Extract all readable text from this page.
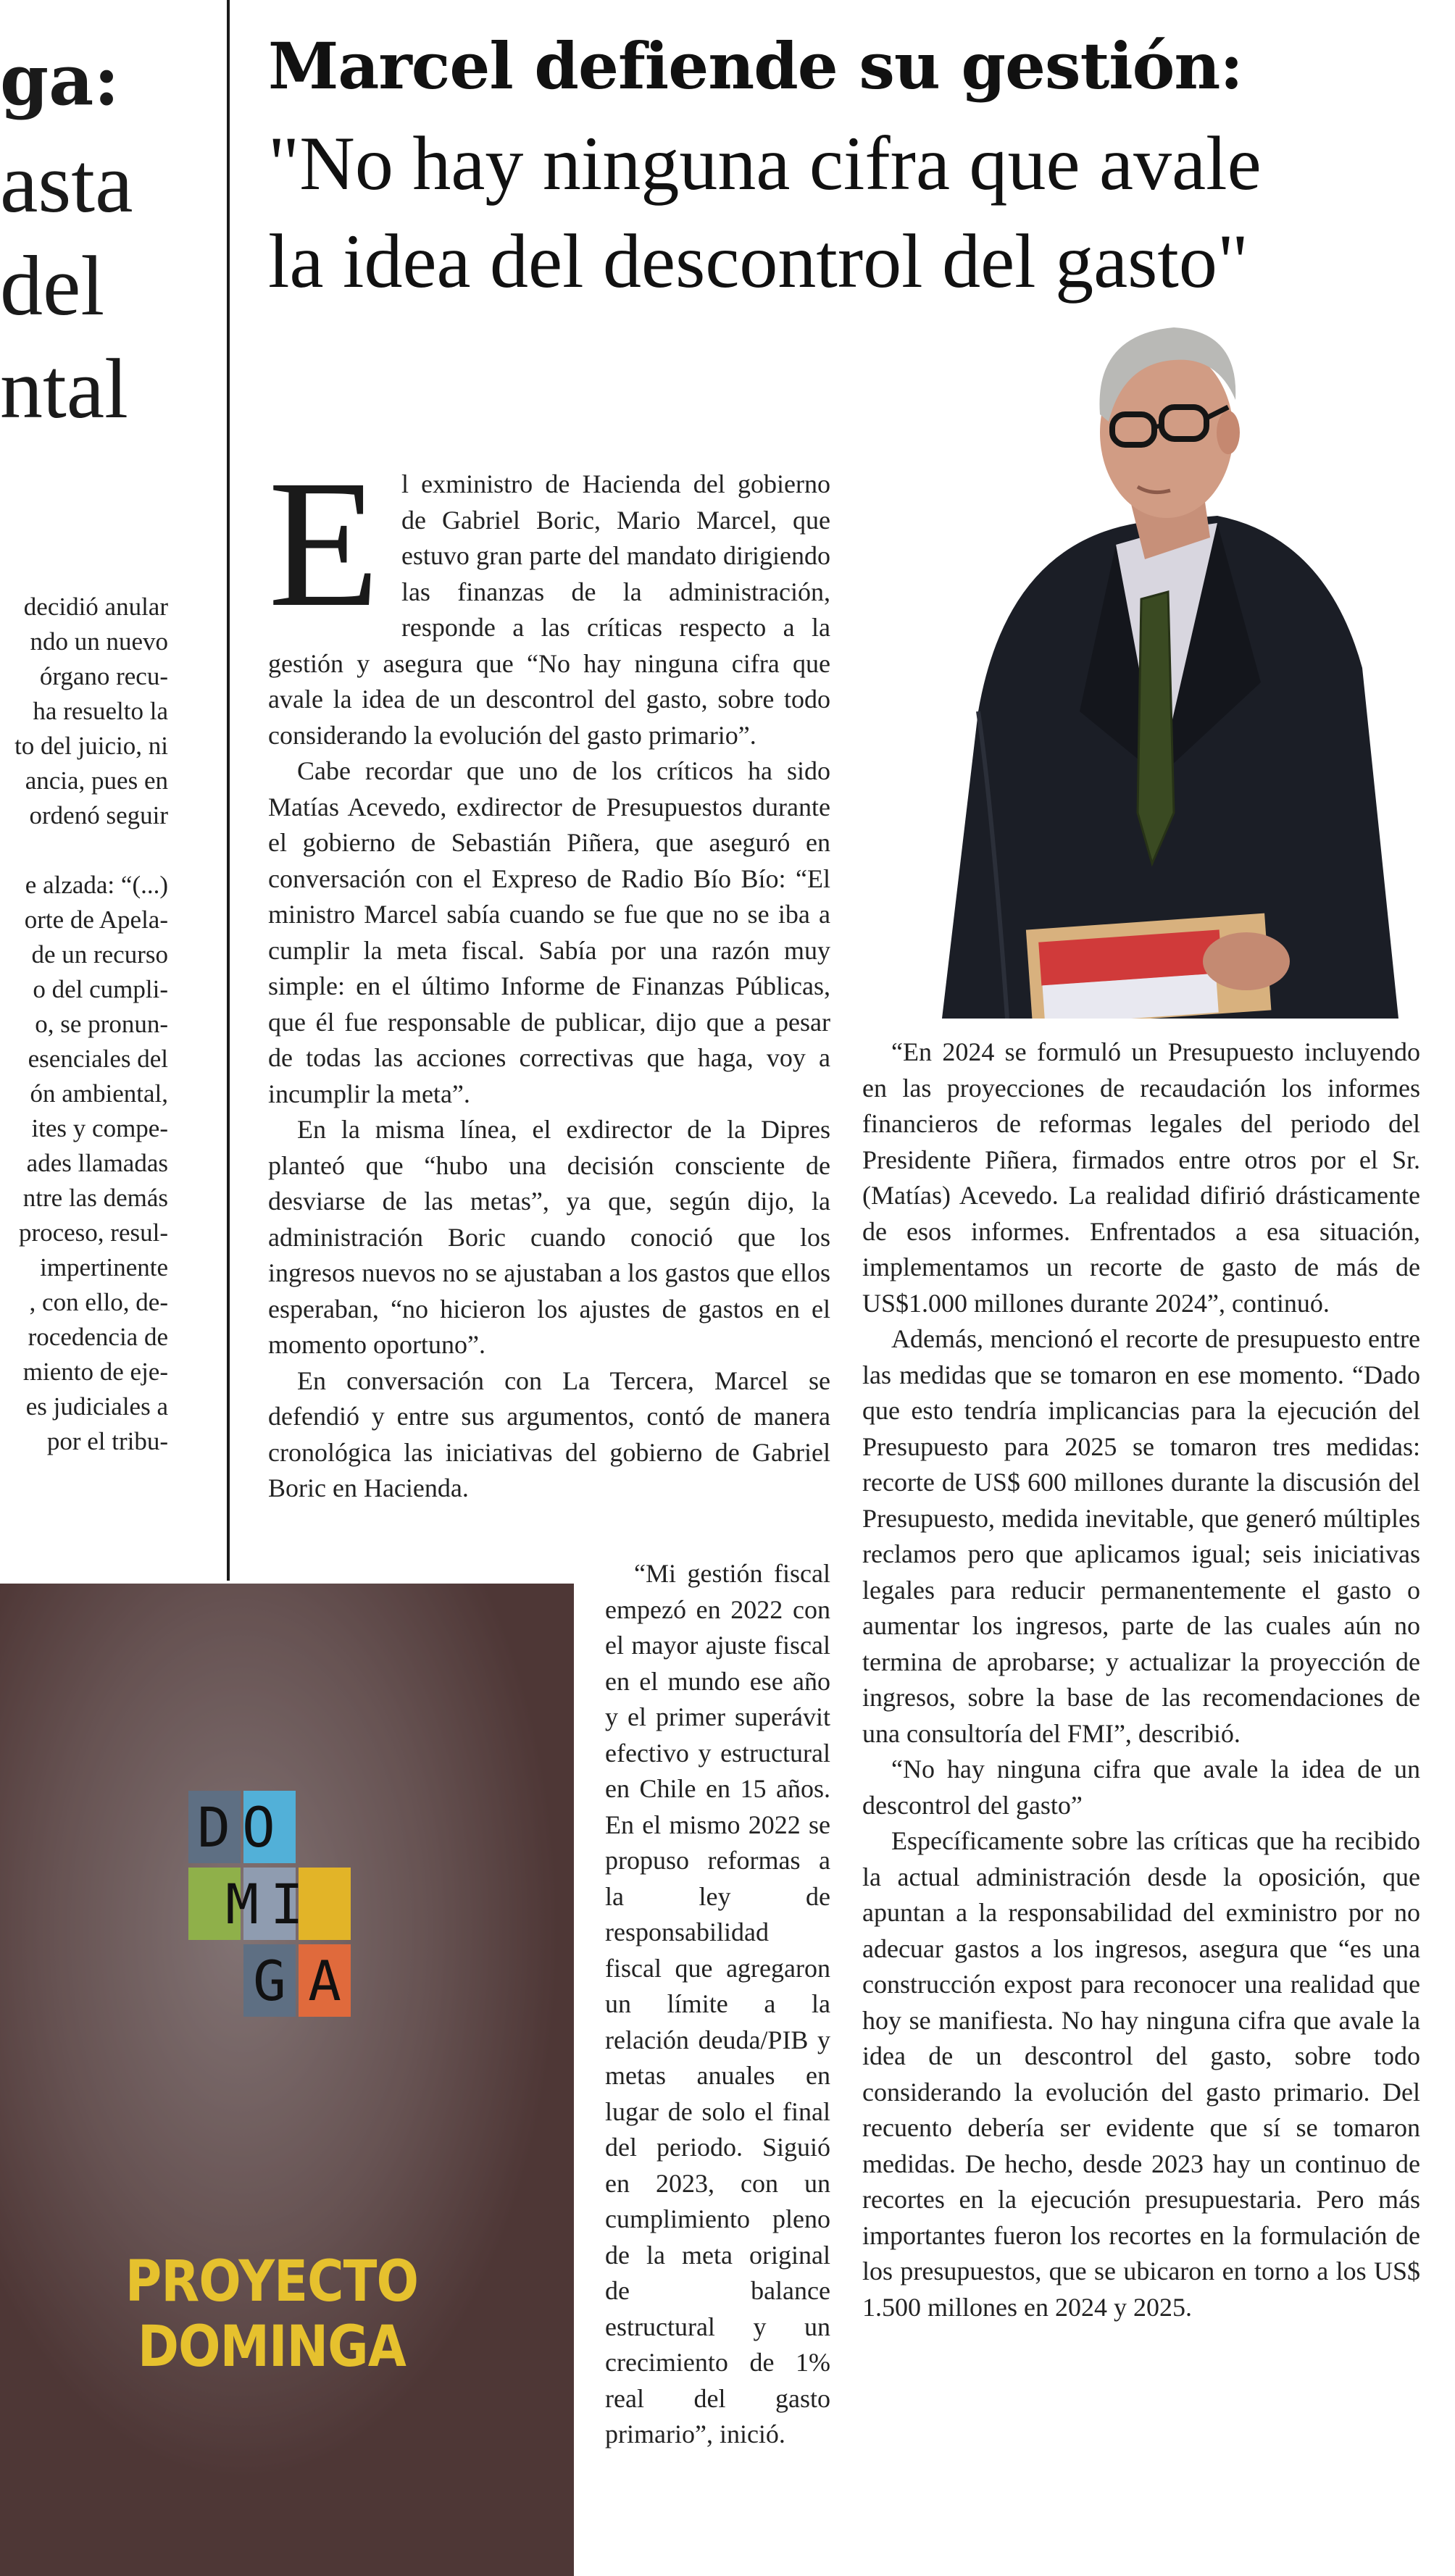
ga:
asta
del
ntal
decidió anular
ndo un nuevo
órgano recu-
ha resuelto la
to del juicio, ni
ancia, pues en
ordenó seguir

e alzada: “(...)
orte de Apela-
de un recurso
o del cumpli-
o, se pronun-
esenciales del
ón ambiental,
ites y compe-
ades llamadas
ntre las demás
proceso, resul-
impertinente
, con ello, de-
rocedencia de
miento de eje-
es judiciales a
por el tribu-
Marcel defiende su gestión:
"No hay ninguna cifra que avale la idea del descontrol del gasto"
E l exministro de Hacienda del gobierno de Gabriel Boric, Mario Marcel, que estuvo gran parte del mandato dirigiendo las finanzas de la administración, responde a las críticas respecto a la gestión y asegura que “No hay ninguna cifra que avale la idea de un descontrol del gasto, sobre todo considerando la evolución del gasto primario”.

Cabe recordar que uno de los críticos ha sido Matías Acevedo, exdirector de Presupuestos durante el gobierno de Sebastián Piñera, que aseguró en conversación con el Expreso de Radio Bío Bío: “El ministro Marcel sabía cuando se fue que no se iba a cumplir la meta fiscal. Sabía por una razón muy simple: en el último Informe de Finanzas Públicas, que él fue responsable de publicar, dijo que a pesar de todas las acciones correctivas que haga, voy a incumplir la meta”.

En la misma línea, el exdirector de la Dipres planteó que “hubo una decisión consciente de desviarse de las metas”, ya que, según dijo, la administración Boric cuando conoció que los ingresos nuevos no se ajustaban a los gastos que ellos esperaban, “no hicieron los ajustes de gastos en el momento oportuno”.

En conversación con La Tercera, Marcel se defendió y entre sus argumentos, contó de manera cronológica las iniciativas del gobierno de Gabriel Boric en Hacienda.

“Mi gestión fiscal empezó en 2022 con el mayor ajuste fiscal en el mundo ese año y el primer superávit efectivo y estructural en Chile en 15 años. En el mismo 2022 se propuso reformas a la ley de responsabilidad fiscal que agregaron un límite a la relación deuda/PIB y metas anuales en lugar de solo el final del periodo. Siguió en 2023, con un cumplimiento pleno de la meta original de balance estructural y un crecimiento de 1% real del gasto primario”, inició.

“En 2024 se formuló un Presupuesto incluyendo en las proyecciones de recaudación los informes financieros de reformas legales del periodo del Presidente Piñera, firmados entre otros por el Sr. (Matías) Acevedo. La realidad difirió drásticamente de esos informes. Enfrentados a esa situación, implementamos un recorte de gasto de más de US$1.000 millones durante 2024”, continuó.

Además, mencionó el recorte de presupuesto entre las medidas que se tomaron en ese momento. “Dado que esto tendría implicancias para la ejecución del Presupuesto para 2025 se tomaron tres medidas: recorte de US$ 600 millones durante la discusión del Presupuesto, medida inevitable, que generó múltiples reclamos pero que aplicamos igual; seis iniciativas legales para reducir permanentemente el gasto o aumentar los ingresos, parte de las cuales aún no termina de aprobarse; y actualizar la proyección de ingresos, sobre la base de las recomendaciones de una consultoría del FMI”, describió.

“No hay ninguna cifra que avale la idea de un descontrol del gasto”

Específicamente sobre las críticas que ha recibido la actual administración desde la oposición, que apuntan a la responsabilidad del exministro por no adecuar gastos a los ingresos, asegura que “es una construcción expost para reconocer una realidad que hoy se manifiesta. No hay ninguna cifra que avale la idea de un descontrol del gasto, sobre todo considerando la evolución del gasto primario. Del recuento debería ser evidente que sí se tomaron medidas. De hecho, desde 2023 hay un continuo de recortes en la ejecución presupuestaria. Pero más importantes fueron los recortes en la formulación de los presupuestos, que se ubicaron en torno a los US$ 1.500 millones en 2024 y 2025.

DO
MI
G A
PROYECTO DOMINGA
